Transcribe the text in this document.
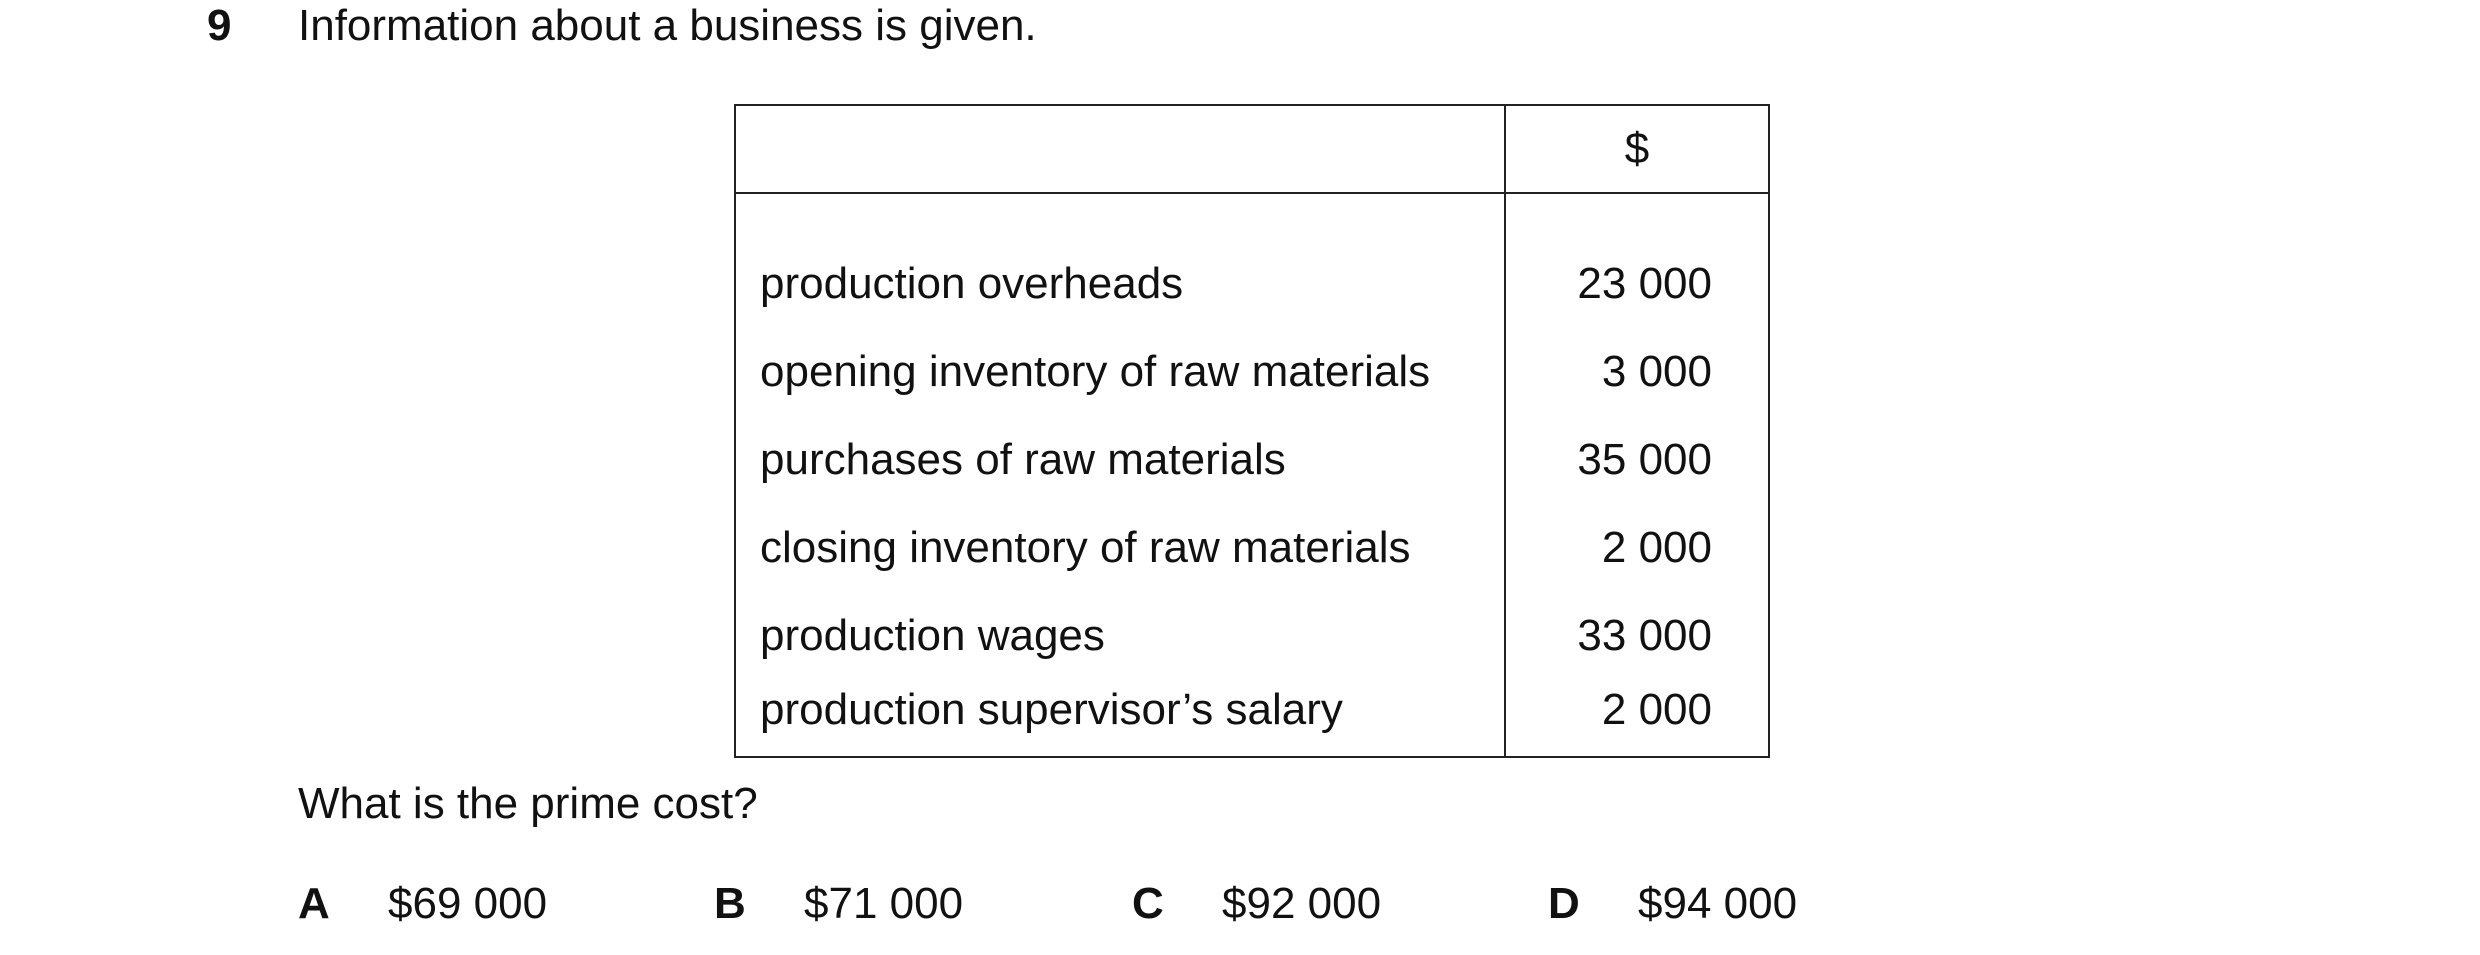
9 Information about a business is given.
	$
production overheads	23 000
opening inventory of raw materials	3 000
purchases of raw materials	35 000
closing inventory of raw materials	2 000
production wages	33 000
production supervisor’s salary	2 000
What is the prime cost?
A $69 000	B $71 000	C $92 000	D $94 000
